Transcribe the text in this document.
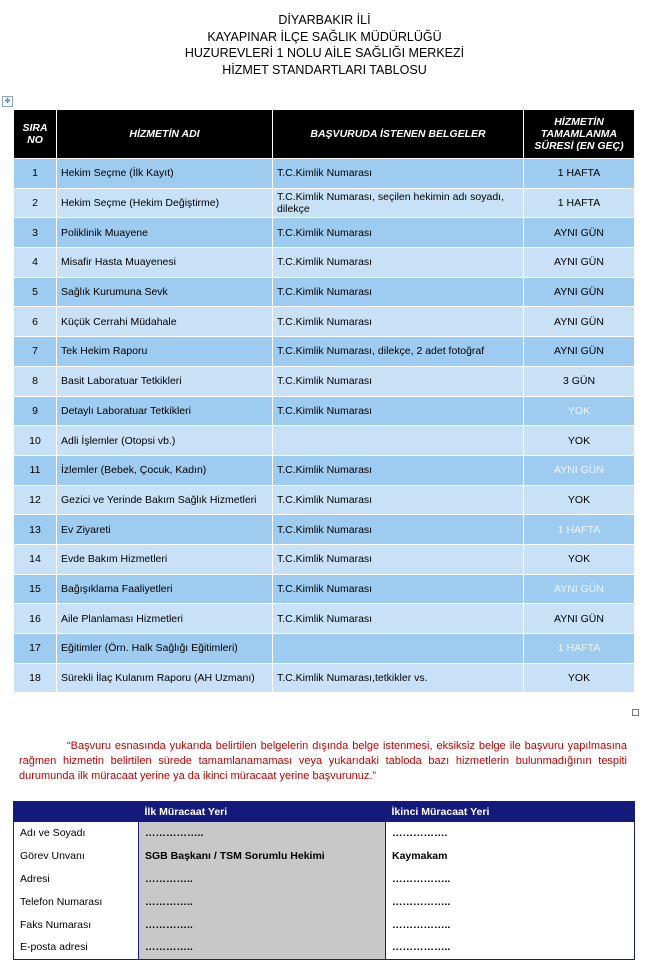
DİYARBAKIR İLİ
KAYAPINAR İLÇE SAĞLIK MÜDÜRLÜĞÜ
HUZUREVLERİ 1 NOLU AİLE SAĞLIĞI MERKEZİ
HİZMET STANDARTLARI TABLOSU
✥
SIRA NO	HİZMETİN ADI	BAŞVURUDA İSTENEN BELGELER	HİZMETİN TAMAMLANMA SÜRESİ (EN GEÇ)
1	Hekim Seçme (İlk Kayıt)	T.C.Kimlik Numarası	1 HAFTA
2	Hekim Seçme (Hekim Değiştirme)	T.C.Kimlik Numarası, seçilen hekimin adı soyadı, dilekçe	1 HAFTA
3	Poliklinik Muayene	T.C.Kimlik Numarası	AYNI GÜN
4	Misafir Hasta Muayenesi	T.C.Kimlik Numarası	AYNI GÜN
5	Sağlık Kurumuna Sevk	T.C.Kimlik Numarası	AYNI GÜN
6	Küçük Cerrahi Müdahale	T.C.Kimlik Numarası	AYNI GÜN
7	Tek Hekim Raporu	T.C.Kimlik Numarası, dilekçe, 2 adet fotoğraf	AYNI GÜN
8	Basit Laboratuar Tetkikleri	T.C.Kimlik Numarası	3 GÜN
9	Detaylı Laboratuar Tetkikleri	T.C.Kimlik Numarası	YOK
10	Adli İşlemler (Otopsi vb.)		YOK
11	İzlemler (Bebek, Çocuk, Kadın)	T.C.Kimlik Numarası	AYNI GÜN
12	Gezici ve Yerinde Bakım Sağlık Hizmetleri	T.C.Kimlik Numarası	YOK
13	Ev Ziyareti	T.C.Kimlik Numarası	1 HAFTA
14	Evde Bakım Hizmetleri	T.C.Kimlik Numarası	YOK
15	Bağışıklama Faaliyetleri	T.C.Kimlik Numarası	AYNI GÜN
16	Aile Planlaması Hizmetleri	T.C.Kimlik Numarası	AYNI GÜN
17	Eğitimler (Örn. Halk Sağlığı Eğitimleri)		1 HAFTA
18	Sürekli İlaç Kulanım Raporu (AH Uzmanı)	T.C.Kimlik Numarası,tetkikler vs.	YOK
“Başvuru esnasında yukarıda belirtilen belgelerin dışında belge istenmesi, eksiksiz belge ile başvuru yapılmasına rağmen hizmetin belirtilen sürede tamamlanamaması veya yukarıdaki tabloda bazı hizmetlerin bulunmadığının tespiti durumunda ilk müracaat yerine ya da ikinci müracaat yerine başvurunuz.”
	İlk Müracaat Yeri	İkinci Müracaat Yeri
Adı ve Soyadı	……………..	…………….
Görev Unvanı	SGB Başkanı / TSM Sorumlu Hekimi	Kaymakam
Adresi	…………..	……………..
Telefon Numarası	…………..	……………..
Faks Numarası	…………..	……………..
E-posta adresi	…………..	……………..
